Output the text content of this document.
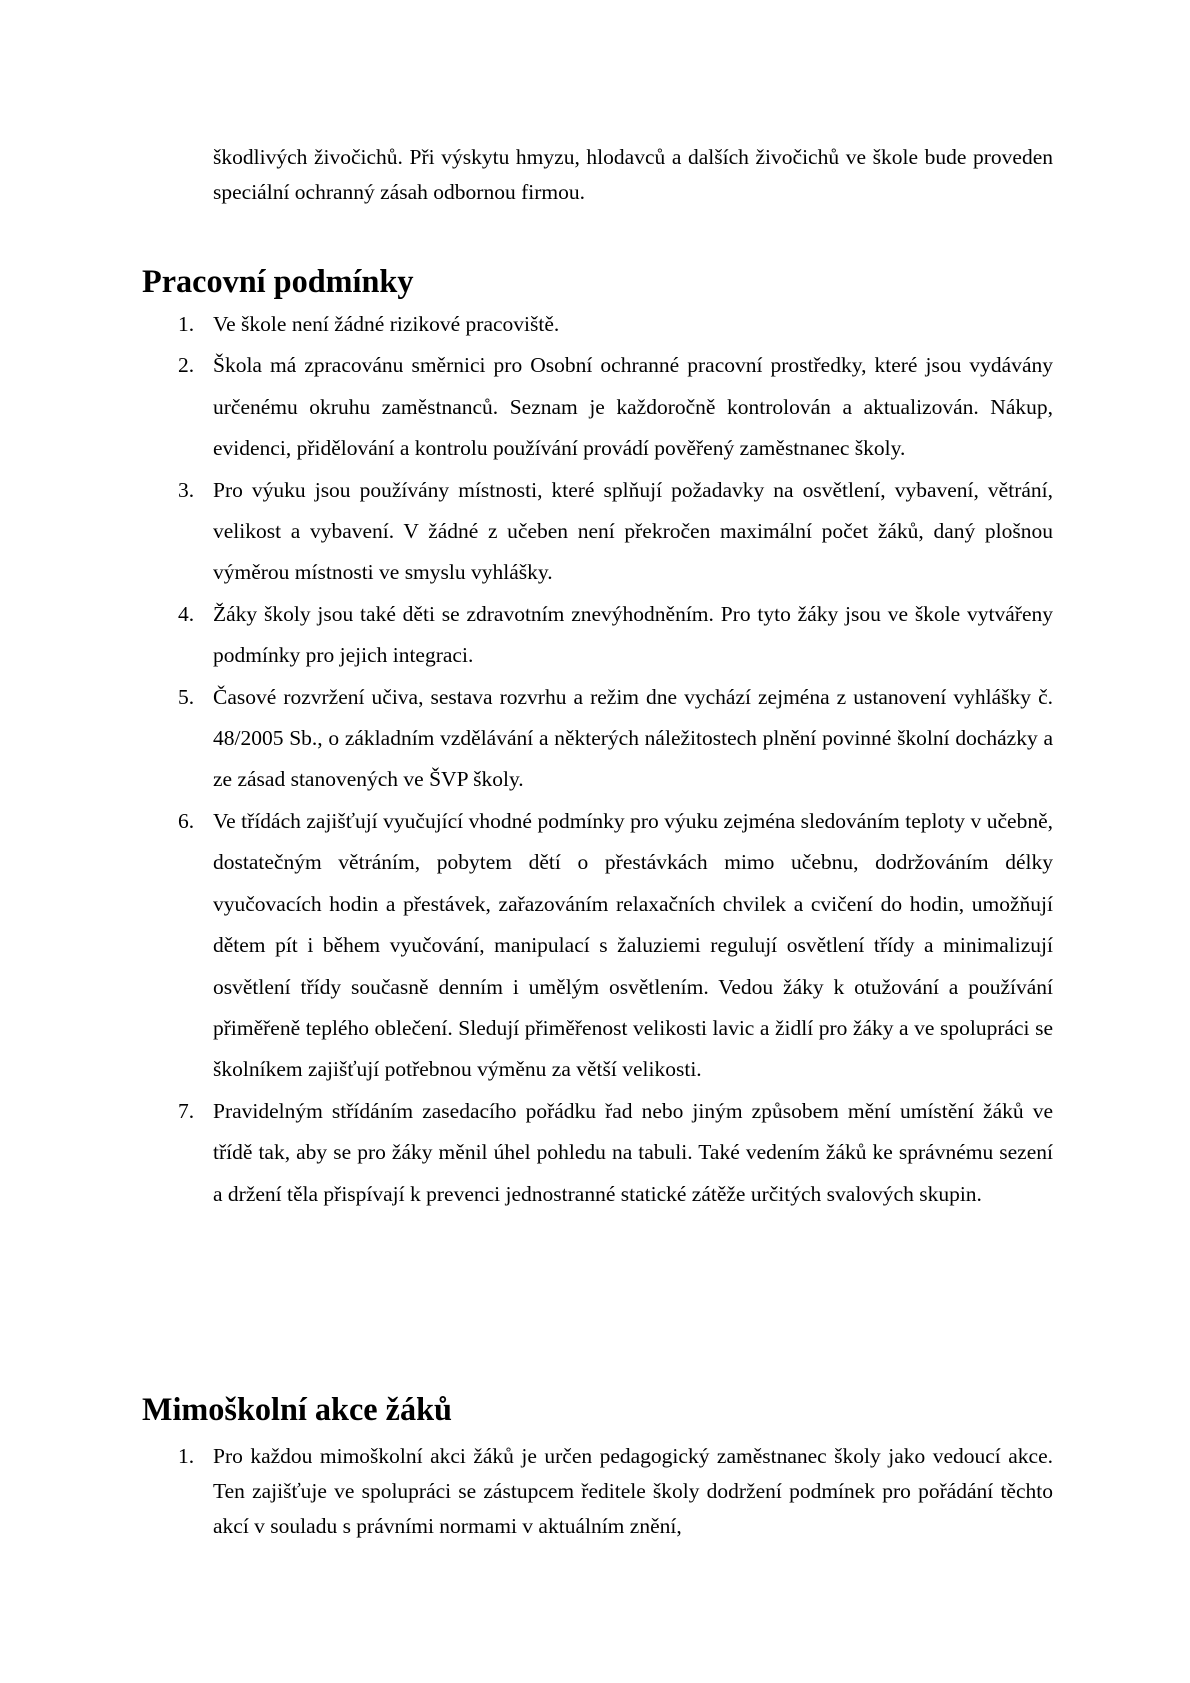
škodlivých živočichů. Při výskytu hmyzu, hlodavců a dalších živočichů ve škole bude proveden speciální ochranný zásah odbornou firmou.

Pracovní podmínky
1. Ve škole není žádné rizikové pracoviště.
2. Škola má zpracovánu směrnici pro Osobní ochranné pracovní prostředky, které jsou vydávány určenému okruhu zaměstnanců. Seznam je každoročně kontrolován a aktualizován. Nákup, evidenci, přidělování a kontrolu používání provádí pověřený zaměstnanec školy.
3. Pro výuku jsou používány místnosti, které splňují požadavky na osvětlení, vybavení, větrání, velikost a vybavení. V žádné z učeben není překročen maximální počet žáků, daný plošnou výměrou místnosti ve smyslu vyhlášky.
4. Žáky školy jsou také děti se zdravotním znevýhodněním. Pro tyto žáky jsou ve škole vytvářeny podmínky pro jejich integraci.
5. Časové rozvržení učiva, sestava rozvrhu a režim dne vychází zejména z ustanovení vyhlášky č. 48/2005 Sb., o základním vzdělávání a některých náležitostech plnění povinné školní docházky a ze zásad stanovených ve ŠVP školy.
6. Ve třídách zajišťují vyučující vhodné podmínky pro výuku zejména sledováním teploty v učebně, dostatečným větráním, pobytem dětí o přestávkách mimo učebnu, dodržováním délky vyučovacích hodin a přestávek, zařazováním relaxačních chvilek a cvičení do hodin, umožňují dětem pít i během vyučování, manipulací s žaluziemi regulují osvětlení třídy a minimalizují osvětlení třídy současně denním i umělým osvětlením. Vedou žáky k otužování a používání přiměřeně teplého oblečení. Sledují přiměřenost velikosti lavic a židlí pro žáky a ve spolupráci se školníkem zajišťují potřebnou výměnu za větší velikosti.
7. Pravidelným střídáním zasedacího pořádku řad nebo jiným způsobem mění umístění žáků ve třídě tak, aby se pro žáky měnil úhel pohledu na tabuli. Také vedením žáků ke správnému sezení a držení těla přispívají k prevenci jednostranné statické zátěže určitých svalových skupin.
Mimoškolní akce žáků
1. Pro každou mimoškolní akci žáků je určen pedagogický zaměstnanec školy jako vedoucí akce. Ten zajišťuje ve spolupráci se zástupcem ředitele školy dodržení podmínek pro pořádání těchto akcí v souladu s právními normami v aktuálním znění,
